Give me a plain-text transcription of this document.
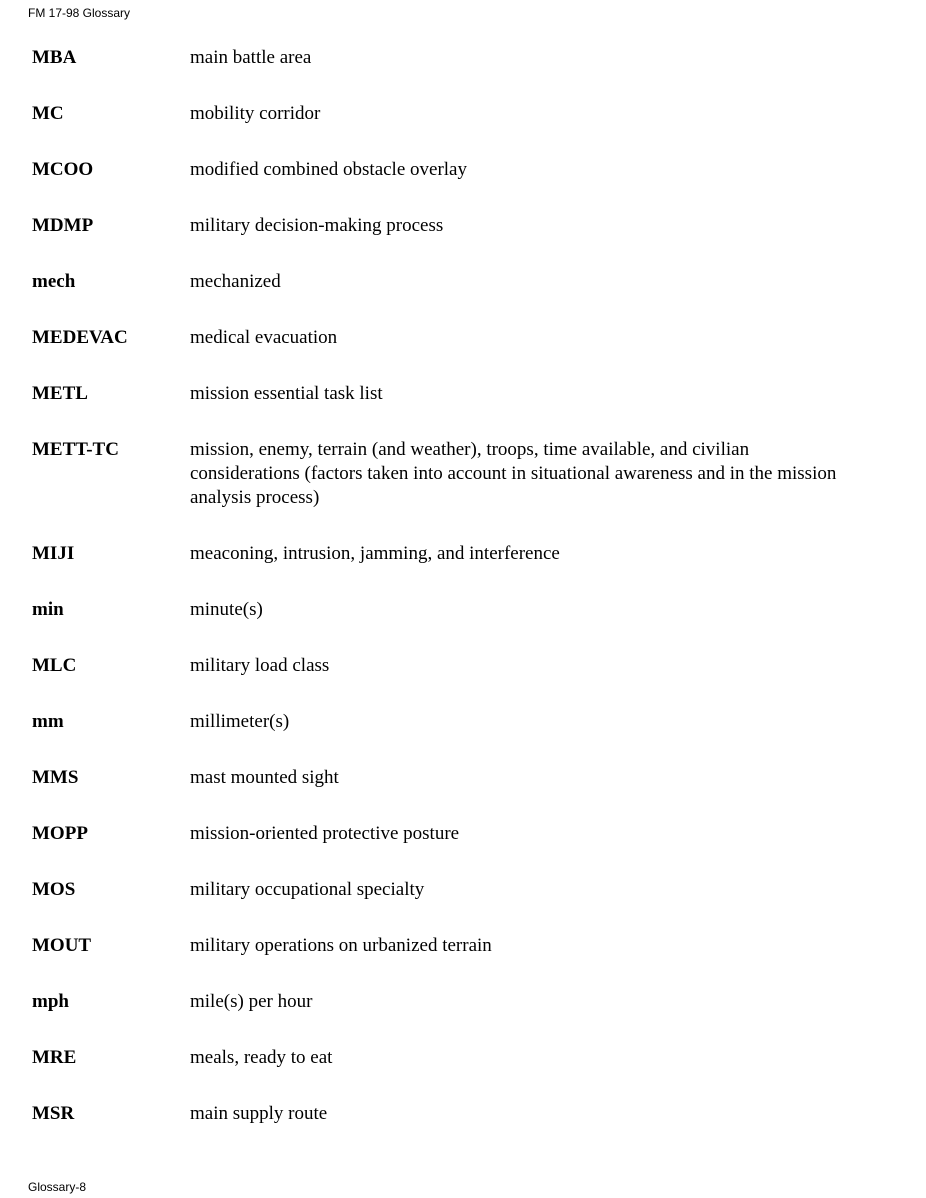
FM 17-98 Glossary
MBA	main battle area
MC	mobility corridor
MCOO	modified combined obstacle overlay
MDMP	military decision-making process
mech	mechanized
MEDEVAC	medical evacuation
METL	mission essential task list
METT-TC	mission, enemy, terrain (and weather), troops, time available, and civilian considerations (factors taken into account in situational awareness and in the mission analysis process)
MIJI	meaconing, intrusion, jamming, and interference
min	minute(s)
MLC	military load class
mm	millimeter(s)
MMS	mast mounted sight
MOPP	mission-oriented protective posture
MOS	military occupational specialty
MOUT	military operations on urbanized terrain
mph	mile(s) per hour
MRE	meals, ready to eat
MSR	main supply route
Glossary-8
